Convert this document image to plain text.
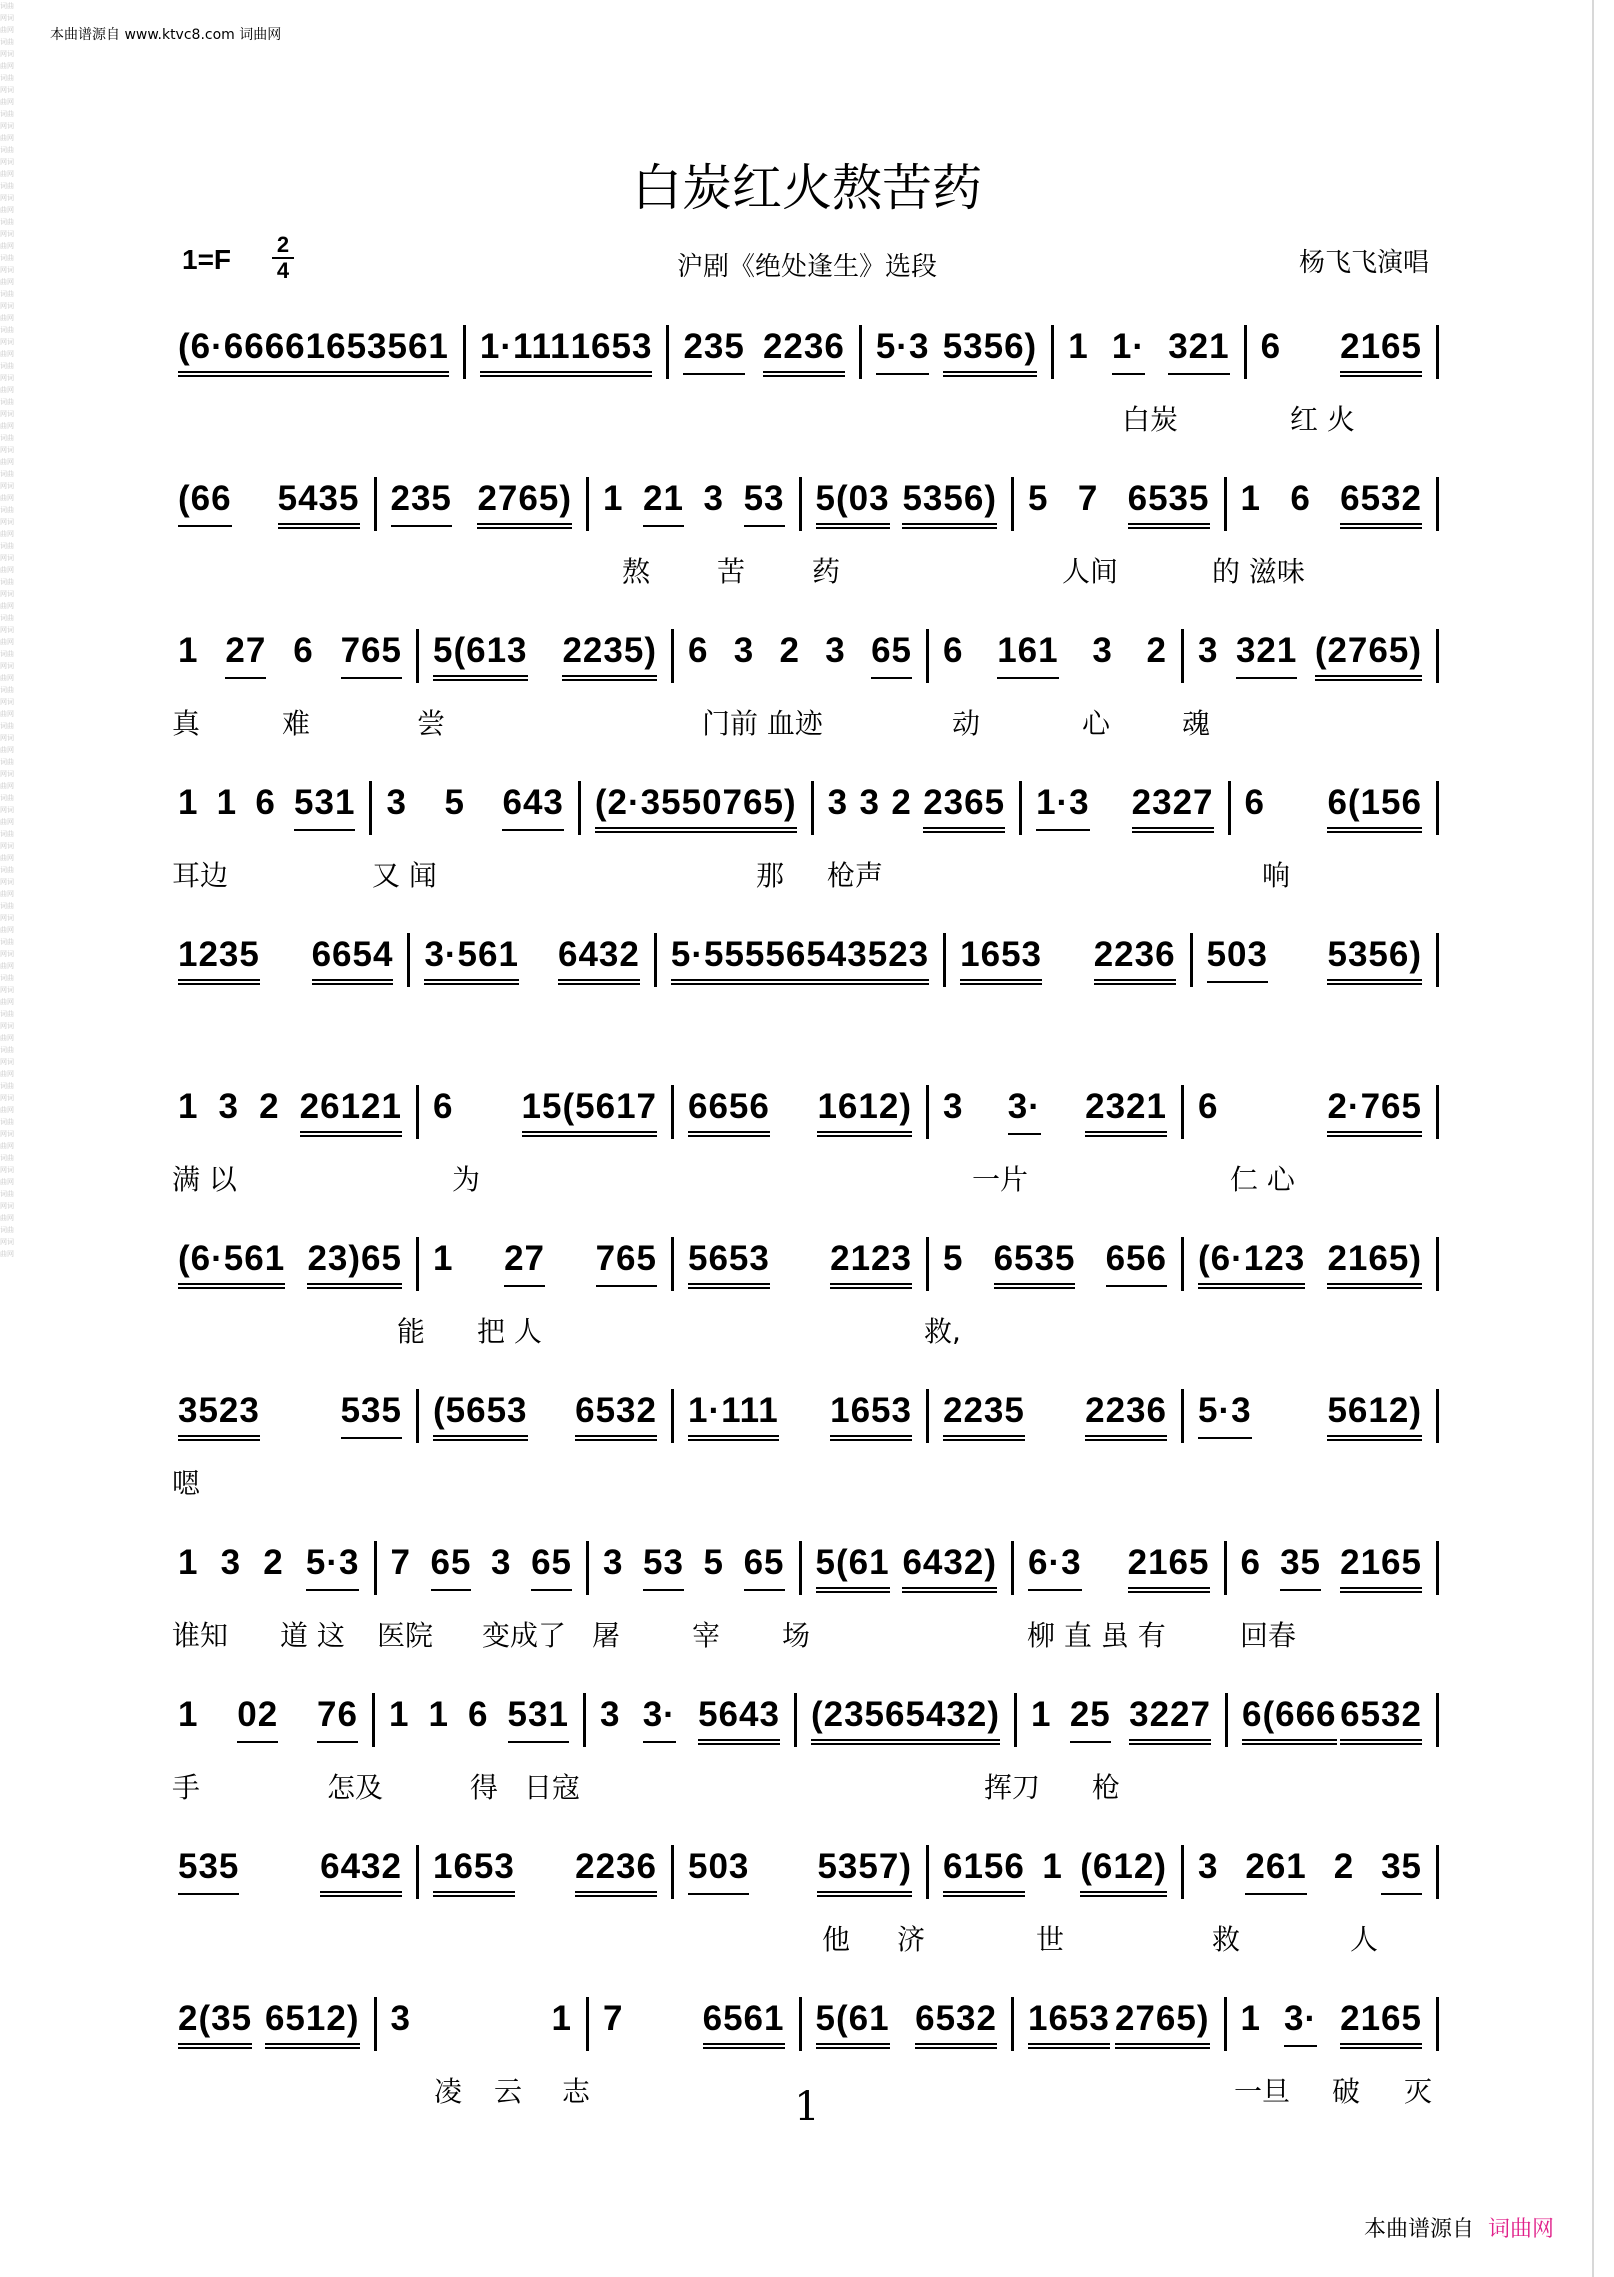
词曲网词曲网词曲网词曲网词曲网词曲网词曲网词曲网词曲网词曲网词曲网词曲网词曲网词曲网词曲网词曲网词曲网词曲网词曲网词曲网词曲网词曲网词曲网词曲网词曲网词曲网词曲网词曲网词曲网词曲网词曲网词曲网词曲网词曲网词曲网词曲网词曲网词曲网词曲网词曲网词曲网词曲网词曲网词曲网词曲网词曲网词曲网词曲网词曲网词曲网词曲网词曲网词曲网词曲网词曲网词曲网词曲网词曲网词曲网词曲网词曲网词曲网词曲网词曲网词曲网词曲网词曲网词曲网词曲网词曲网
本曲谱源自 www.ktvc8.com 词曲网
白炭红火熬苦药
1=F	2
4	沪剧《绝处逢生》选段	杨飞飞演唱
(6·666 61653561 1·111 1653 235 2236 5·3 5356) 1 1· 321 6 2165
白炭	红 火
(66 5435 235 2765) 1 21 3 53 5(03 5356) 5 7 6535 1 6 6532
熬 苦 药	人间	的 滋味
1 27 6 765 5(613 2235) 6 3 2 3 65 6 161 3 2 3 321 (2765)
真	难	尝	门前 血迹	动	心	魂
1 1 6 531 3 5 643 (2·355 0765) 3 3 2 2365 1·3 2327 6 6(156
耳边	又 闻	那 枪声	响
1235 6654 3·561 6432 5·555 56543523 1653 2236 503 5356)
1 3 2 26121 6 15(5617 6656 1612) 3 3· 2321 6	2·765
满 以	为	一片	仁 心
(6·561 23)65 1 27 765 5653 2123 5 6535 656 (6·123 2165)
能 把 人	救,
3523 535 (5653 6532 1·111 1653 2235 2236 5·3 5612)
嗯
1 3 2 5·3 7 65 3 65 3 53 5 65 5(61 6432) 6·3 2165 6 35 2165
谁知 道 这 医院 变成了 屠	宰 场	柳 直 虽 有	回春
1 02 76 1 1 6 531 3 3· 5643 (2356 5432) 1 25 3227 6(666 6532
手	怎及	得 日寇	挥刀 枪
535 6432 1653 2236 503 5357) 6156 1 (612) 3 261 2 35
他 济	世	救	人
2(35 6512) 3	1 7 6561 5(61 6532 1653 2765) 1 3· 2165
凌 云 志	一旦 破 灭
1
本曲谱源自 词曲网
